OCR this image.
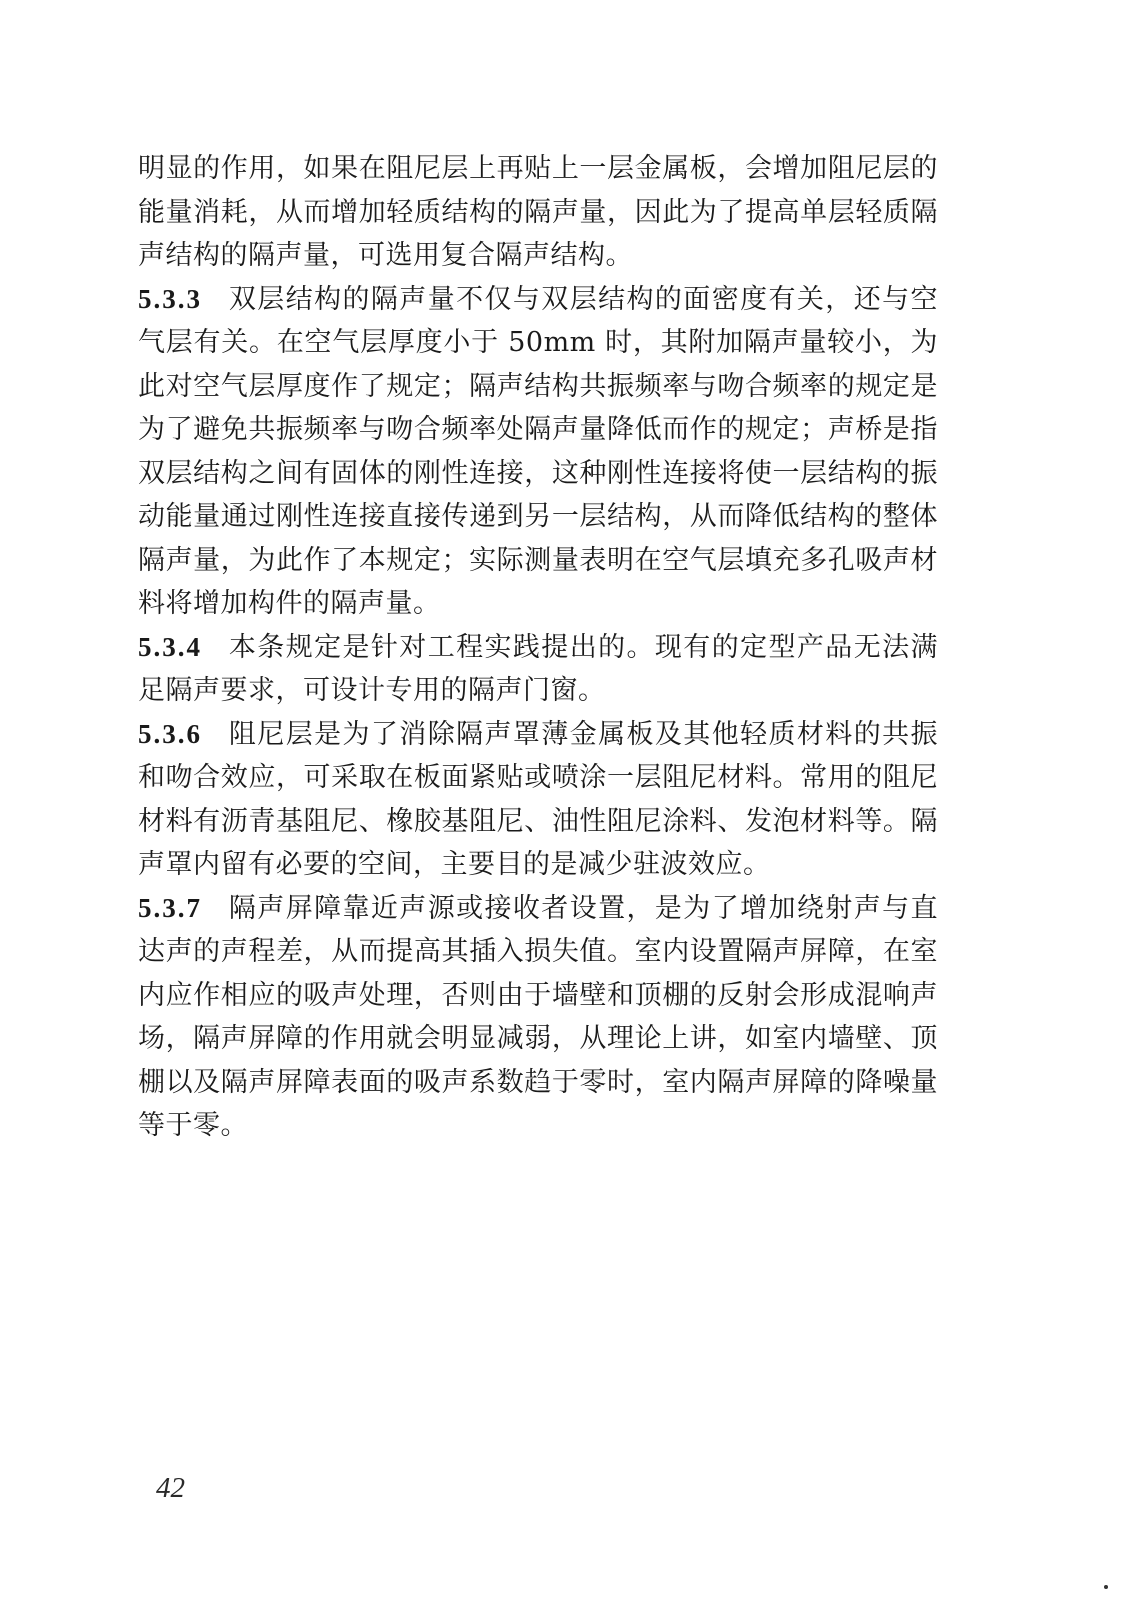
明显的作用，如果在阻尼层上再贴上一层金属板，会增加阻尼层的能量消耗，从而增加轻质结构的隔声量，因此为了提高单层轻质隔声结构的隔声量，可选用复合隔声结构。

5.3.3 双层结构的隔声量不仅与双层结构的面密度有关，还与空气层有关。在空气层厚度小于 50mm 时，其附加隔声量较小，为此对空气层厚度作了规定；隔声结构共振频率与吻合频率的规定是为了避免共振频率与吻合频率处隔声量降低而作的规定；声桥是指双层结构之间有固体的刚性连接，这种刚性连接将使一层结构的振动能量通过刚性连接直接传递到另一层结构，从而降低结构的整体隔声量，为此作了本规定；实际测量表明在空气层填充多孔吸声材料将增加构件的隔声量。

5.3.4 本条规定是针对工程实践提出的。现有的定型产品无法满足隔声要求，可设计专用的隔声门窗。

5.3.6 阻尼层是为了消除隔声罩薄金属板及其他轻质材料的共振和吻合效应，可采取在板面紧贴或喷涂一层阻尼材料。常用的阻尼材料有沥青基阻尼、橡胶基阻尼、油性阻尼涂料、发泡材料等。隔声罩内留有必要的空间，主要目的是减少驻波效应。

5.3.7 隔声屏障靠近声源或接收者设置，是为了增加绕射声与直达声的声程差，从而提高其插入损失值。室内设置隔声屏障，在室内应作相应的吸声处理，否则由于墙壁和顶棚的反射会形成混响声场，隔声屏障的作用就会明显减弱，从理论上讲，如室内墙壁、顶棚以及隔声屏障表面的吸声系数趋于零时，室内隔声屏障的降噪量等于零。

42
